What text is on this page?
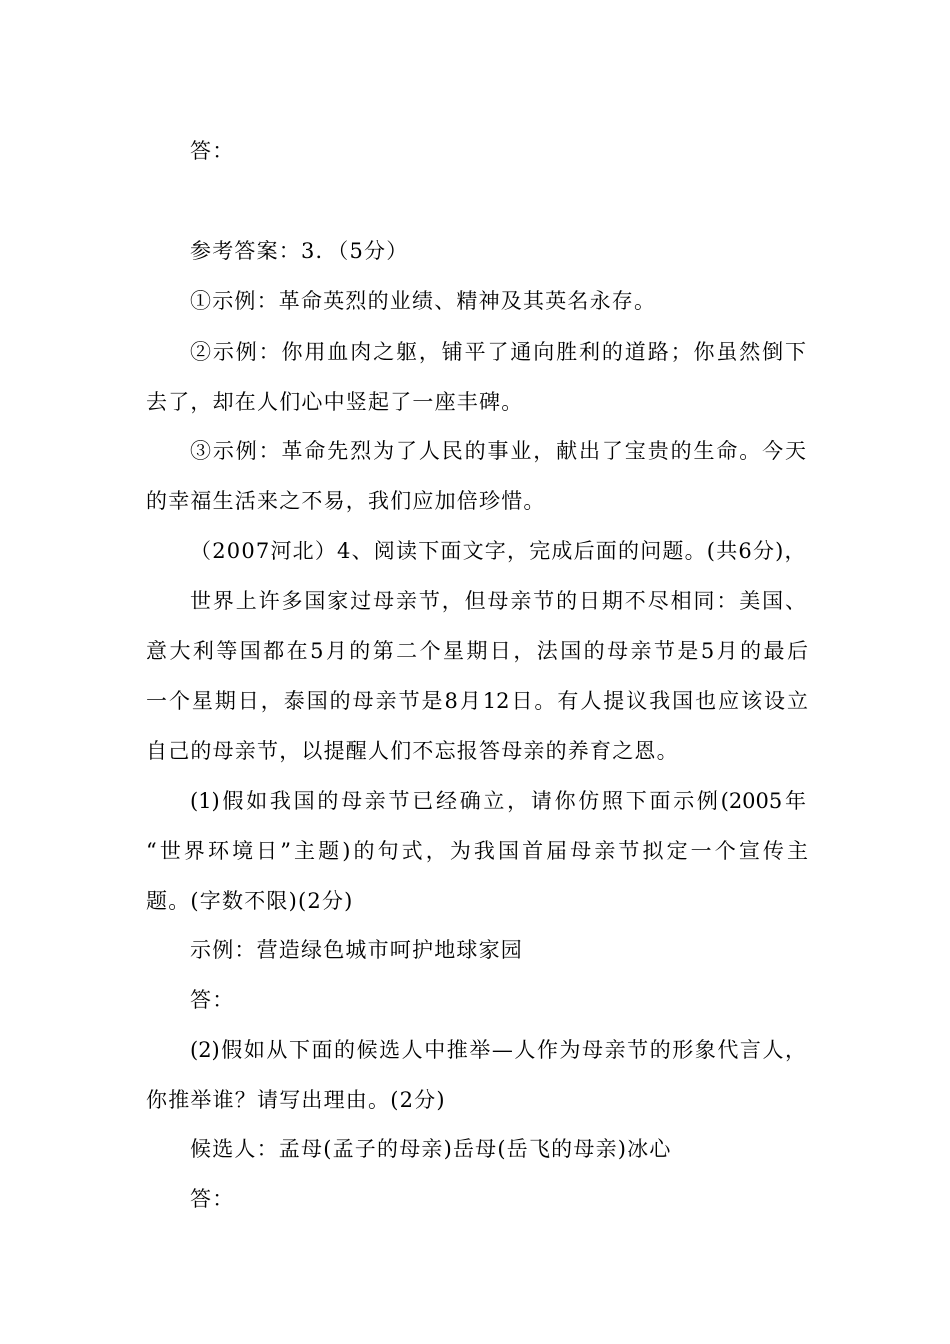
答：
参考答案：3．（5分）
①示例：革命英烈的业绩、精神及其英名永存。
②示例：你用血肉之躯，铺平了通向胜利的道路；你虽然倒下
去了，却在人们心中竖起了一座丰碑。
③示例：革命先烈为了人民的事业，献出了宝贵的生命。今天
的幸福生活来之不易，我们应加倍珍惜。
（2007河北）4、阅读下面文字，完成后面的问题。(共6分)，
世界上许多国家过母亲节，但母亲节的日期不尽相同：美国、
意大利等国都在5月的第二个星期日，法国的母亲节是5月的最后
一个星期日，泰国的母亲节是8月12日。有人提议我国也应该设立
自己的母亲节，以提醒人们不忘报答母亲的养育之恩。
(1)假如我国的母亲节已经确立，请你仿照下面示例(2005年
“世界环境日”主题)的句式，为我国首届母亲节拟定一个宣传主
题。(字数不限)(2分)
示例：营造绿色城市呵护地球家园
答：
(2)假如从下面的候选人中推举—人作为母亲节的形象代言人，
你推举谁？请写出理由。(2分)
候选人：孟母(孟子的母亲)岳母(岳飞的母亲)冰心
答：
